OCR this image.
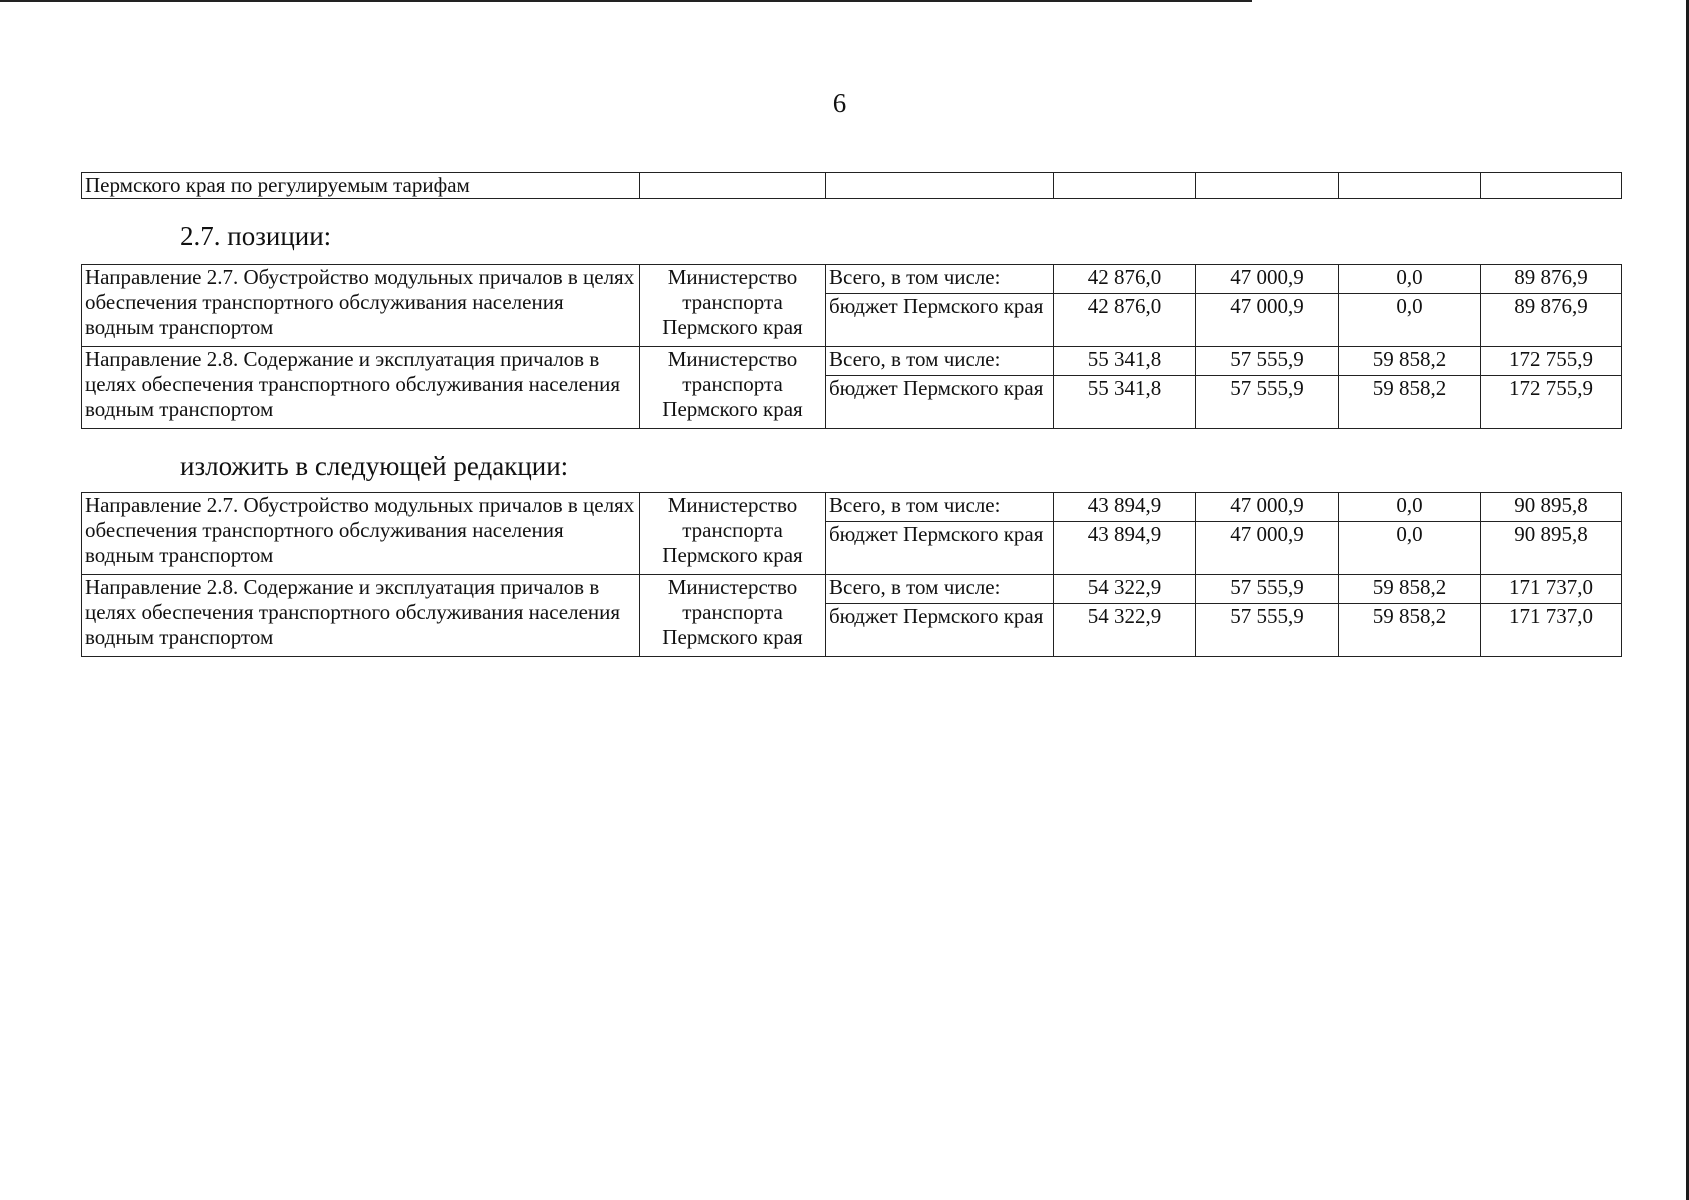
6
Пермского края по регулируемым тарифам						
2.7. позиции:
Направление 2.7. Обустройство модульных причалов в целях обеспечения транспортного обслуживания населения водным транспортом	Министерство транспорта Пермского края	Всего, в том числе:	42 876,0	47 000,9	0,0	89 876,9
		бюджет Пермского края	42 876,0	47 000,9	0,0	89 876,9
Направление 2.8. Содержание и эксплуатация причалов в целях обеспечения транспортного обслуживания населения водным транспортом	Министерство транспорта Пермского края	Всего, в том числе:	55 341,8	57 555,9	59 858,2	172 755,9
		бюджет Пермского края	55 341,8	57 555,9	59 858,2	172 755,9
изложить в следующей редакции:
Направление 2.7. Обустройство модульных причалов в целях обеспечения транспортного обслуживания населения водным транспортом	Министерство транспорта Пермского края	Всего, в том числе:	43 894,9	47 000,9	0,0	90 895,8
		бюджет Пермского края	43 894,9	47 000,9	0,0	90 895,8
Направление 2.8. Содержание и эксплуатация причалов в целях обеспечения транспортного обслуживания населения водным транспортом	Министерство транспорта Пермского края	Всего, в том числе:	54 322,9	57 555,9	59 858,2	171 737,0
		бюджет Пермского края	54 322,9	57 555,9	59 858,2	171 737,0
